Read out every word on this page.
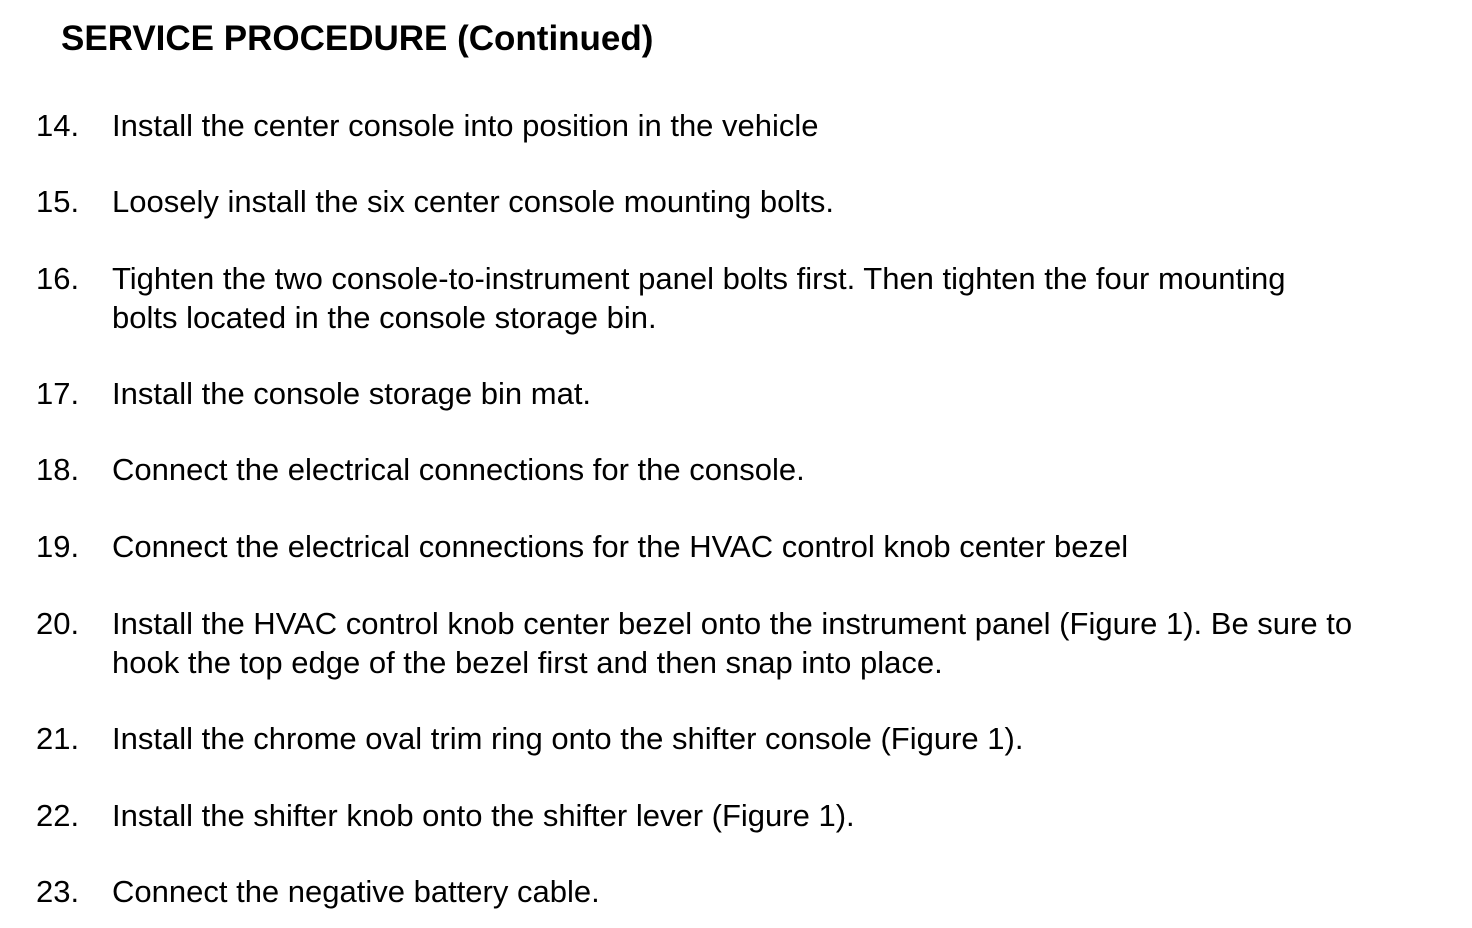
SERVICE PROCEDURE (Continued)
14. Install the center console into position in the vehicle
15. Loosely install the six center console mounting bolts.
16. Tighten the two console-to-instrument panel bolts first. Then tighten the four mounting
bolts located in the console storage bin.
17. Install the console storage bin mat.
18. Connect the electrical connections for the console.
19. Connect the electrical connections for the HVAC control knob center bezel
20. Install the HVAC control knob center bezel onto the instrument panel (Figure 1). Be sure to
hook the top edge of the bezel first and then snap into place.
21. Install the chrome oval trim ring onto the shifter console (Figure 1).
22. Install the shifter knob onto the shifter lever (Figure 1).
23. Connect the negative battery cable.
